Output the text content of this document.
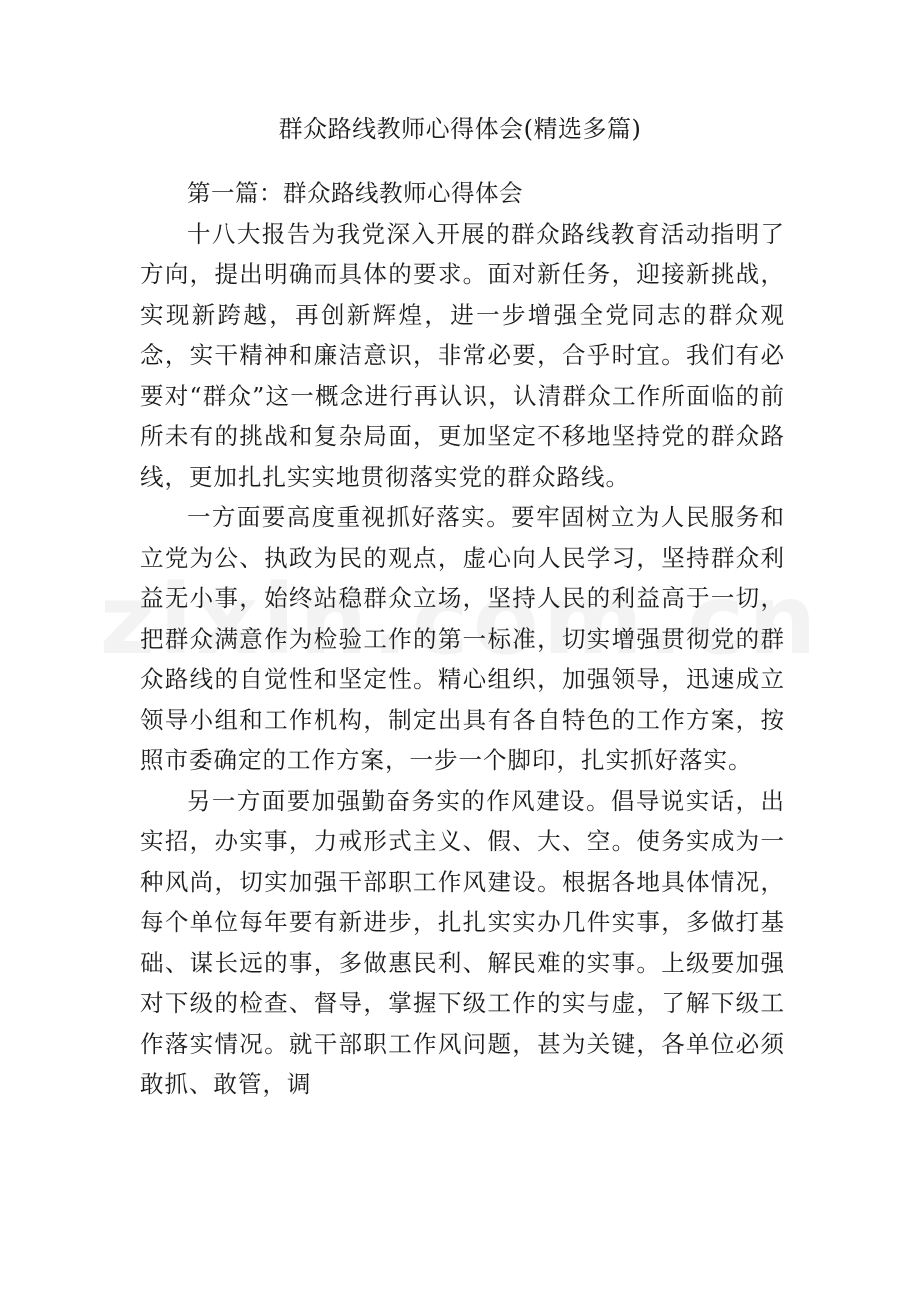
群众路线教师心得体会(精选多篇)

第一篇：群众路线教师心得体会

十八大报告为我党深入开展的群众路线教育活动指明了方向，提出明确而具体的要求。面对新任务，迎接新挑战，实现新跨越，再创新辉煌，进一步增强全党同志的群众观念，实干精神和廉洁意识，非常必要，合乎时宜。我们有必要对“群众”这一概念进行再认识，认清群众工作所面临的前所未有的挑战和复杂局面，更加坚定不移地坚持党的群众路线，更加扎扎实实地贯彻落实党的群众路线。

一方面要高度重视抓好落实。要牢固树立为人民服务和立党为公、执政为民的观点，虚心向人民学习，坚持群众利益无小事，始终站稳群众立场，坚持人民的利益高于一切，把群众满意作为检验工作的第一标准，切实增强贯彻党的群众路线的自觉性和坚定性。精心组织，加强领导，迅速成立领导小组和工作机构，制定出具有各自特色的工作方案，按照市委确定的工作方案，一步一个脚印，扎实抓好落实。

另一方面要加强勤奋务实的作风建设。倡导说实话，出实招，办实事，力戒形式主义、假、大、空。使务实成为一种风尚，切实加强干部职工作风建设。根据各地具体情况，每个单位每年要有新进步，扎扎实实办几件实事，多做打基础、谋长远的事，多做惠民利、解民难的实事。上级要加强对下级的检查、督导，掌握下级工作的实与虚，了解下级工作落实情况。就干部职工作风问题，甚为关键，各单位必须敢抓、敢管，调
